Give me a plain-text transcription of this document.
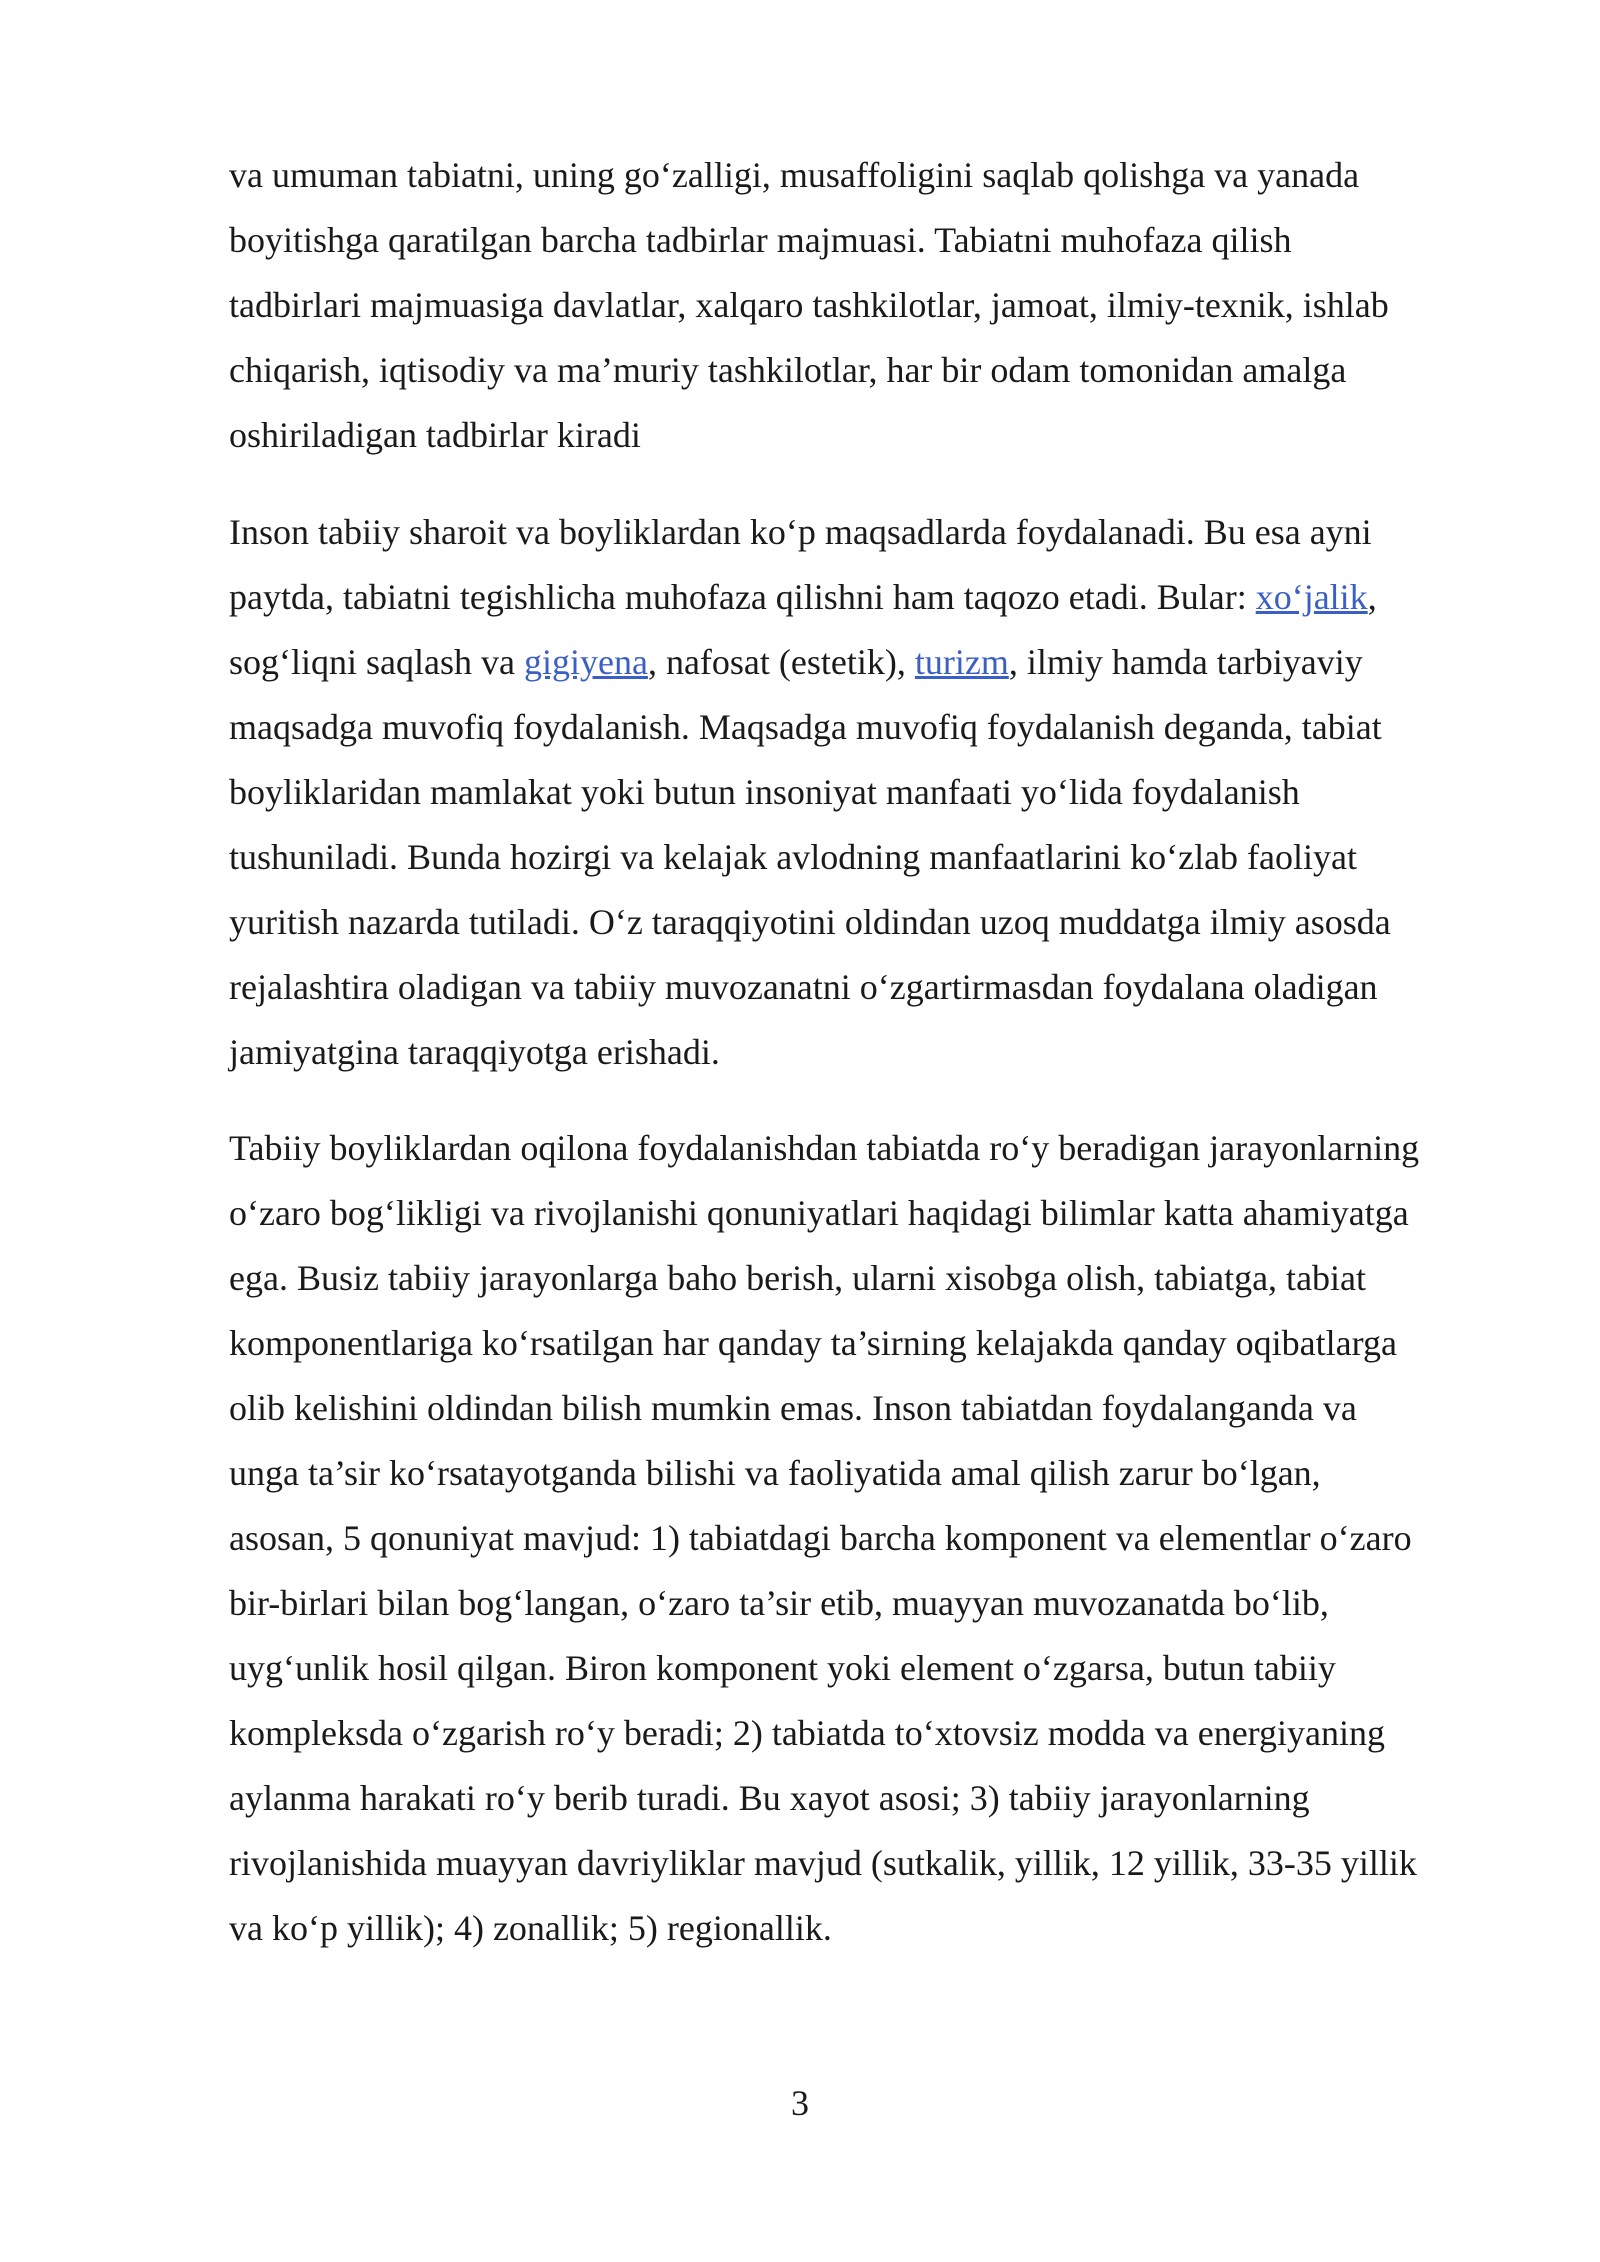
va umuman tabiatni, uning go‘zalligi, musaffoligini saqlab qolishga va yanada
boyitishga qaratilgan barcha tadbirlar majmuasi. Tabiatni muhofaza qilish
tadbirlari majmuasiga davlatlar, xalqaro tashkilotlar, jamoat, ilmiy-texnik, ishlab
chiqarish, iqtisodiy va ma’muriy tashkilotlar, har bir odam tomonidan amalga
oshiriladigan tadbirlar kiradi
Inson tabiiy sharoit va boyliklardan ko‘p maqsadlarda foydalanadi. Bu esa ayni
paytda, tabiatni tegishlicha muhofaza qilishni ham taqozo etadi. Bular: xo‘jalik,
sog‘liqni saqlash va gigiyena, nafosat (estetik), turizm, ilmiy hamda tarbiyaviy
maqsadga muvofiq foydalanish. Maqsadga muvofiq foydalanish deganda, tabiat
boyliklaridan mamlakat yoki butun insoniyat manfaati yo‘lida foydalanish
tushuniladi. Bunda hozirgi va kelajak avlodning manfaatlarini ko‘zlab faoliyat
yuritish nazarda tutiladi. O‘z taraqqiyotini oldindan uzoq muddatga ilmiy asosda
rejalashtira oladigan va tabiiy muvozanatni o‘zgartirmasdan foydalana oladigan
jamiyatgina taraqqiyotga erishadi.
Tabiiy boyliklardan oqilona foydalanishdan tabiatda ro‘y beradigan jarayonlarning
o‘zaro bog‘likligi va rivojlanishi qonuniyatlari haqidagi bilimlar katta ahamiyatga
ega. Busiz tabiiy jarayonlarga baho berish, ularni xisobga olish, tabiatga, tabiat
komponentlariga ko‘rsatilgan har qanday ta’sirning kelajakda qanday oqibatlarga
olib kelishini oldindan bilish mumkin emas. Inson tabiatdan foydalanganda va
unga ta’sir ko‘rsatayotganda bilishi va faoliyatida amal qilish zarur bo‘lgan,
asosan, 5 qonuniyat mavjud: 1) tabiatdagi barcha komponent va elementlar o‘zaro
bir-birlari bilan bog‘langan, o‘zaro ta’sir etib, muayyan muvozanatda bo‘lib,
uyg‘unlik hosil qilgan. Biron komponent yoki element o‘zgarsa, butun tabiiy
kompleksda o‘zgarish ro‘y beradi; 2) tabiatda to‘xtovsiz modda va energiyaning
aylanma harakati ro‘y berib turadi. Bu xayot asosi; 3) tabiiy jarayonlarning
rivojlanishida muayyan davriyliklar mavjud (sutkalik, yillik, 12 yillik, 33-35 yillik
va ko‘p yillik); 4) zonallik; 5) regionallik.
3
